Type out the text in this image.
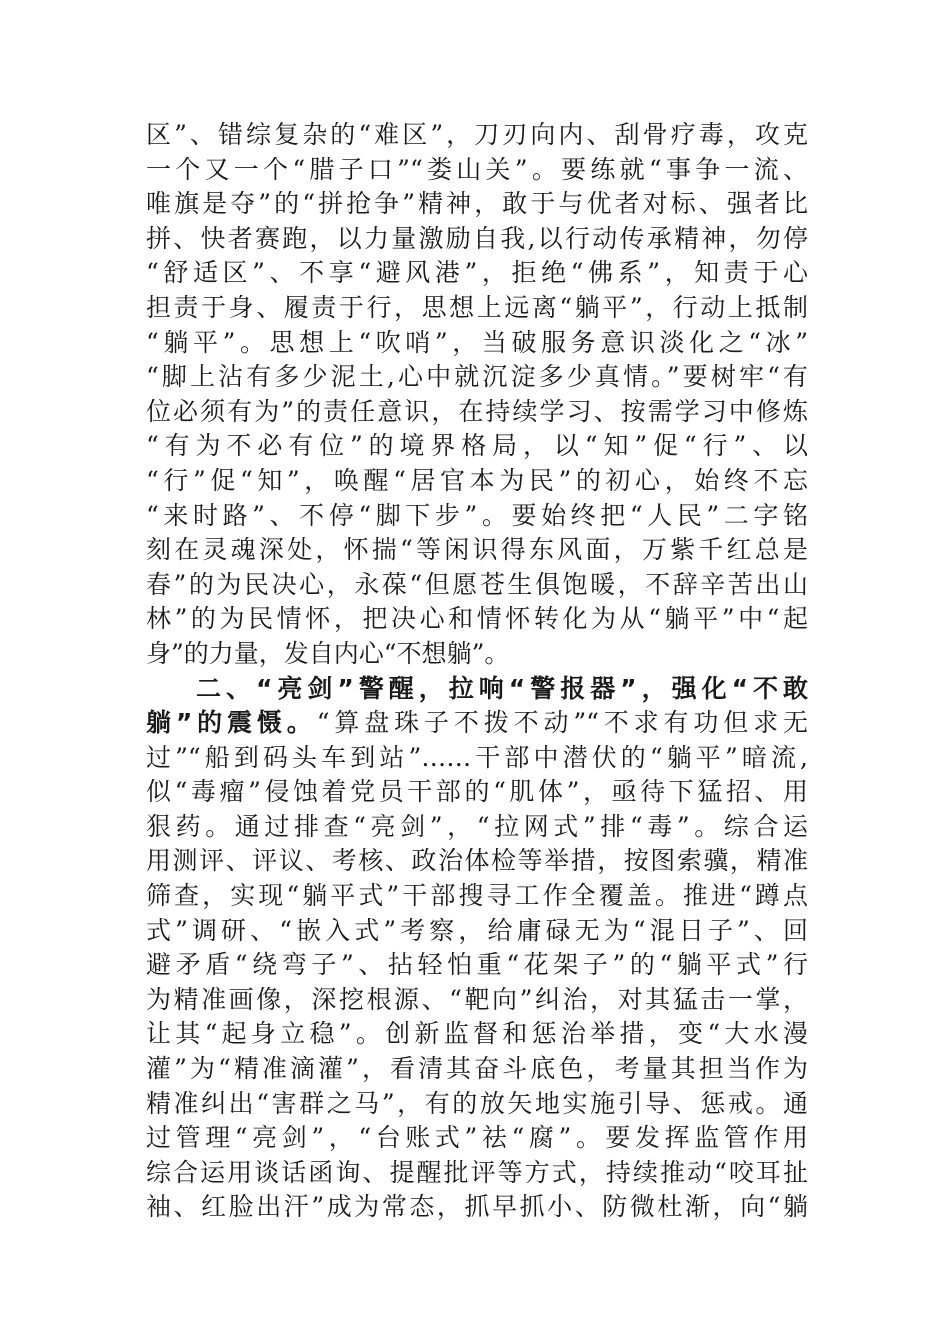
区”、错综复杂的“难区”，刀刃向内、刮骨疗毒，攻克
一个又一个“腊子口”“娄山关”。要练就“事争一流、
唯旗是夺”的“拼抢争”精神，敢于与优者对标、强者比
拼、快者赛跑，以力量激励自我,以行动传承精神，勿停
“舒适区”、不享“避风港”，拒绝“佛系”，知责于心
担责于身、履责于行，思想上远离“躺平”，行动上抵制
“躺平”。思想上“吹哨”，当破服务意识淡化之“冰”
“脚上沾有多少泥土,心中就沉淀多少真情。”要树牢“有
位必须有为”的责任意识，在持续学习、按需学习中修炼
“有为不必有位”的境界格局，以“知”促“行”、以
“行”促“知”，唤醒“居官本为民”的初心，始终不忘
“来时路”、不停“脚下步”。要始终把“人民”二字铭
刻在灵魂深处，怀揣“等闲识得东风面，万紫千红总是
春”的为民决心，永葆“但愿苍生俱饱暖，不辞辛苦出山
林”的为民情怀，把决心和情怀转化为从“躺平”中“起
身”的力量，发自内心“不想躺”。
二、“亮剑”警醒，拉响“警报器”，强化“不敢
躺”的震慑。“算盘珠子不拨不动”“不求有功但求无
过”“船到码头车到站”……干部中潜伏的“躺平”暗流,
似“毒瘤”侵蚀着党员干部的“肌体”，亟待下猛招、用
狠药。通过排查“亮剑”，“拉网式”排“毒”。综合运
用测评、评议、考核、政治体检等举措，按图索骥，精准
筛查，实现“躺平式”干部搜寻工作全覆盖。推进“蹲点
式”调研、“嵌入式”考察，给庸碌无为“混日子”、回
避矛盾“绕弯子”、拈轻怕重“花架子”的“躺平式”行
为精准画像，深挖根源、“靶向”纠治，对其猛击一掌，
让其“起身立稳”。创新监督和惩治举措，变“大水漫
灌”为“精准滴灌”，看清其奋斗底色，考量其担当作为
精准纠出“害群之马”，有的放矢地实施引导、惩戒。通
过管理“亮剑”，“台账式”祛“腐”。要发挥监管作用
综合运用谈话函询、提醒批评等方式，持续推动“咬耳扯
袖、红脸出汗”成为常态，抓早抓小、防微杜渐，向“躺
